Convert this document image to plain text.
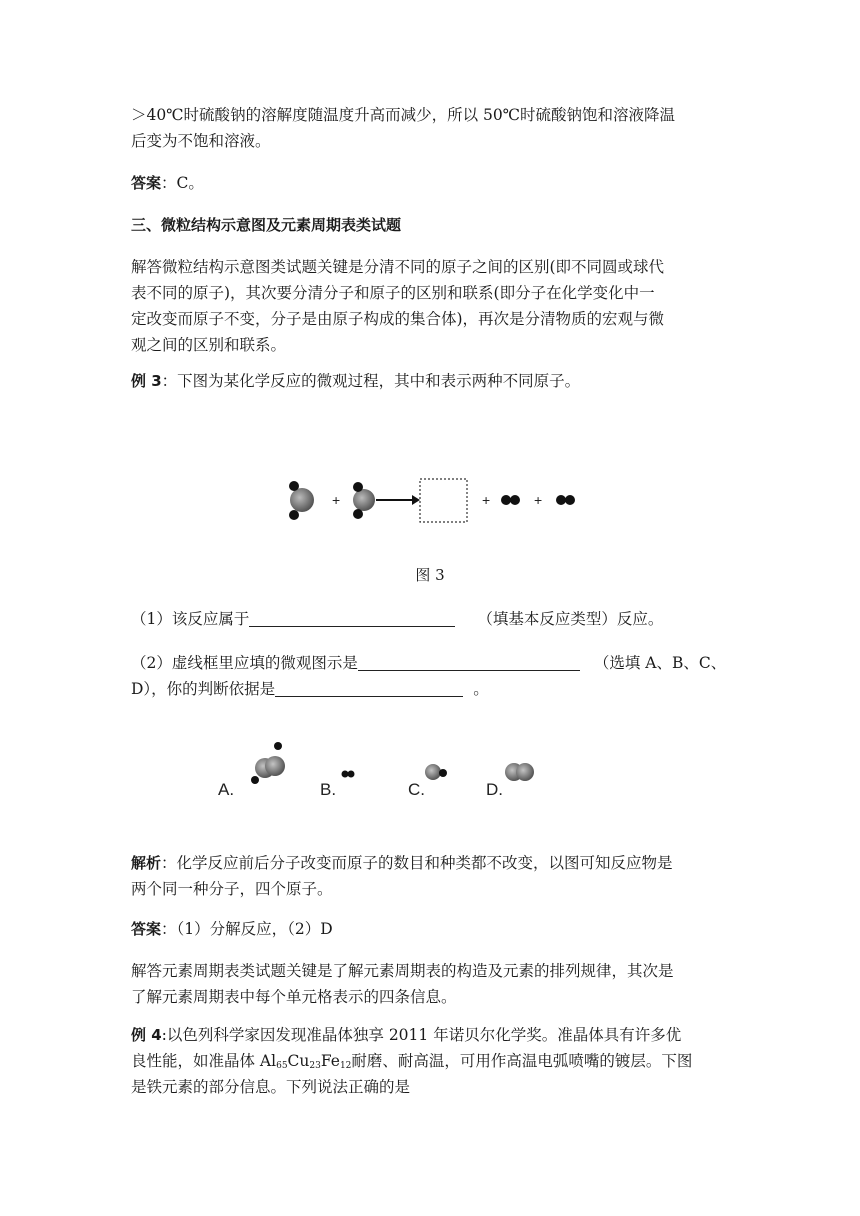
＞40℃时硫酸钠的溶解度随温度升高而减少，所以 50℃时硫酸钠饱和溶液降温

后变为不饱和溶液。

答案：C。

三、微粒结构示意图及元素周期表类试题

解答微粒结构示意图类试题关键是分清不同的原子之间的区别(即不同圆或球代

表不同的原子)，其次要分清分子和原子的区别和联系(即分子在化学变化中一

定改变而原子不变，分子是由原子构成的集合体)，再次是分清物质的宏观与微

观之间的区别和联系。

例 3：下图为某化学反应的微观过程，其中和表示两种不同原子。

+	+	+
图 3

（1）该反应属于	（填基本反应类型）反应。

（2）虚线框里应填的微观图示是	（选填 A、B、C、

D），你的判断依据是	。

A.	B.	C.	D.

解析：化学反应前后分子改变而原子的数目和种类都不改变，以图可知反应物是

两个同一种分子，四个原子。

答案：（1）分解反应，（2）D

解答元素周期表类试题关键是了解元素周期表的构造及元素的排列规律，其次是

了解元素周期表中每个单元格表示的四条信息。

例 4:以色列科学家因发现准晶体独享 2011 年诺贝尔化学奖。准晶体具有许多优

良性能，如准晶体 $Al_{65}Cu_{23}Fe_{12}$耐磨、耐高温，可用作高温电弧喷嘴的镀层。下图

是铁元素的部分信息。下列说法正确的是
